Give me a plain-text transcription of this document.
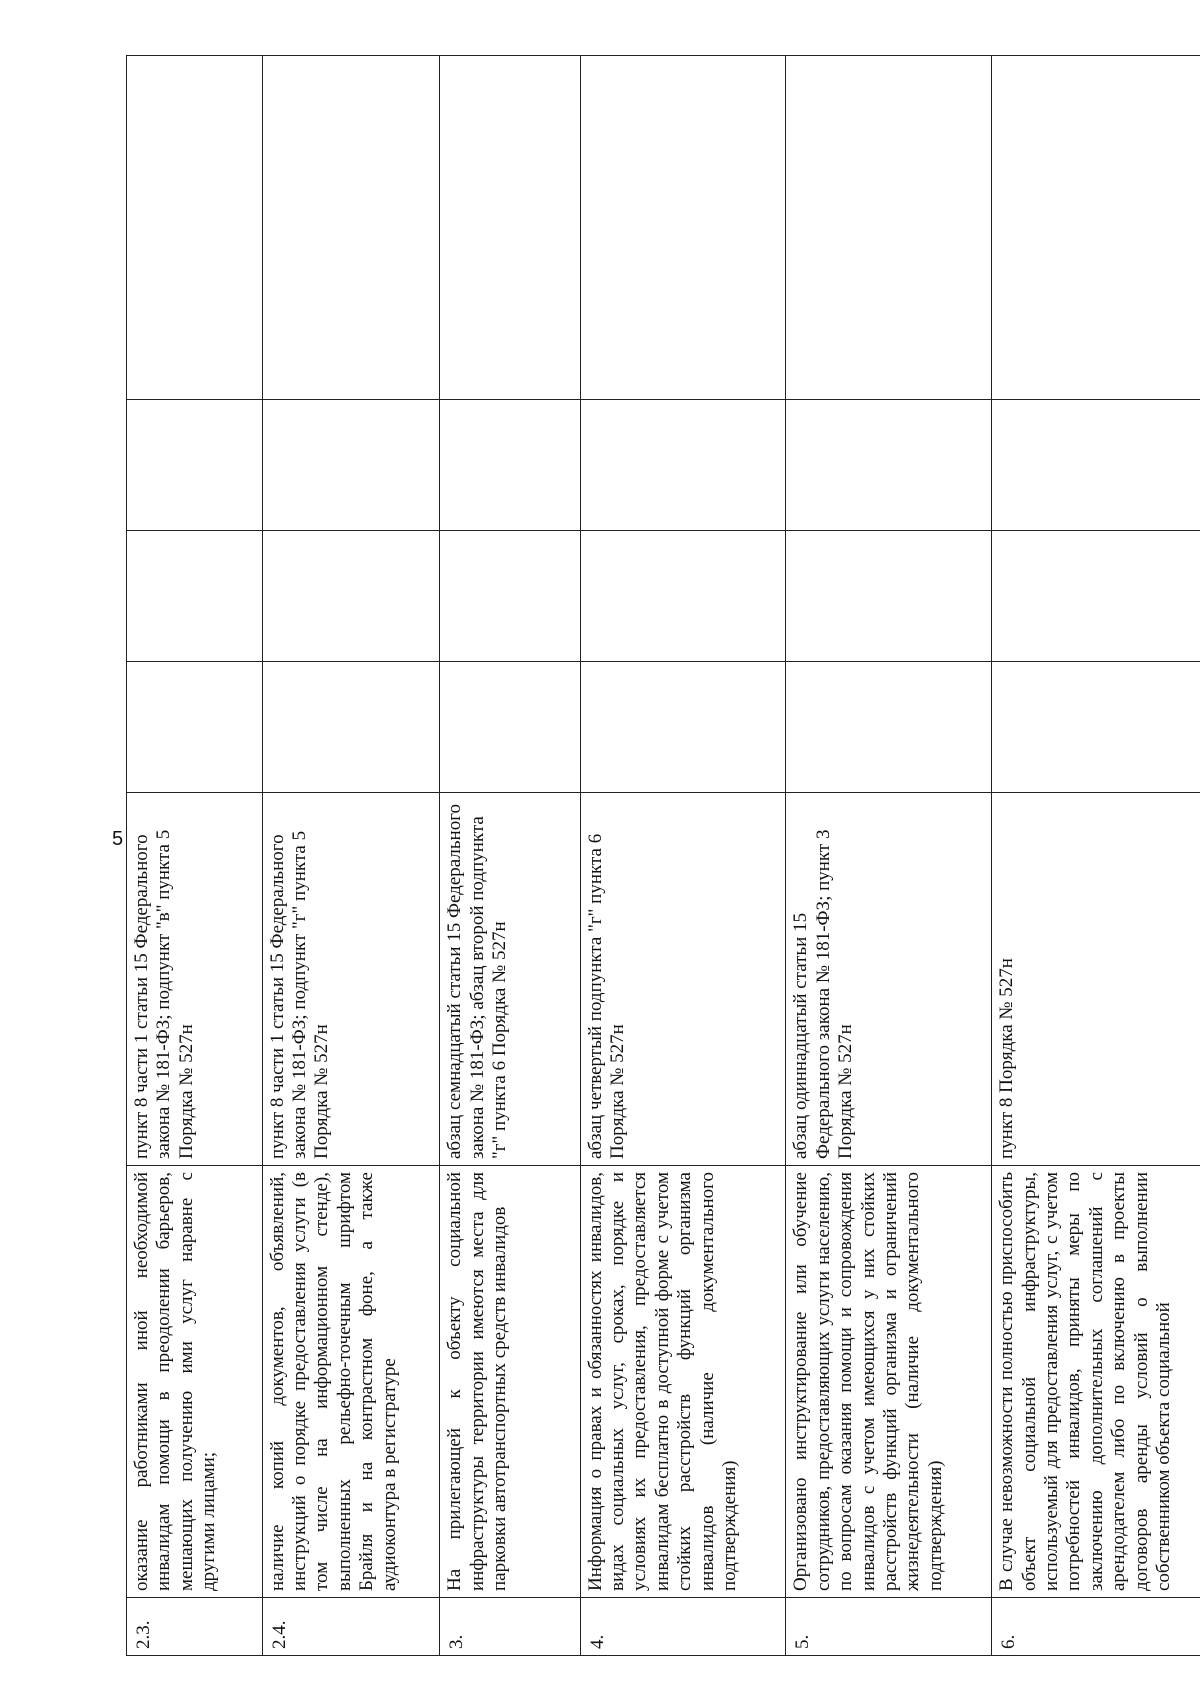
5
2.3.	оказание работниками иной необходимой инвалидам помощи в преодолении барьеров, мешающих получению ими услуг наравне с другими лицами;	пункт 8 части 1 статьи 15 Федерального закона № 181-ФЗ; подпункт "в" пункта 5 Порядка № 527н				
2.4.	наличие копий документов, объявлений, инструкций о порядке предоставления услуги (в том числе на информационном стенде), выполненных рельефно-точечным шрифтом Брайля и на контрастном фоне, а также аудиоконтура в регистратуре	пункт 8 части 1 статьи 15 Федерального закона № 181-ФЗ; подпункт "г" пункта 5 Порядка № 527н				
3.	На прилегающей к объекту социальной инфраструктуры территории имеются места для парковки автотранспортных средств инвалидов	абзац семнадцатый статьи 15 Федерального закона № 181-ФЗ; абзац второй подпункта "г" пункта 6 Порядка № 527н				
4.	Информация о правах и обязанностях инвалидов, видах социальных услуг, сроках, порядке и условиях их предоставления, предоставляется инвалидам бесплатно в доступной форме с учетом стойких расстройств функций организма инвалидов (наличие документального подтверждения)	абзац четвертый подпункта "г" пункта 6 Порядка № 527н				
5.	Организовано инструктирование или обучение сотрудников, предоставляющих услуги населению, по вопросам оказания помощи и сопровождения инвалидов с учетом имеющихся у них стойких расстройств функций организма и ограничений жизнедеятельности (наличие документального подтверждения)	абзац одиннадцатый статьи 15 Федерального закона № 181-ФЗ; пункт 3 Порядка № 527н				
6.	В случае невозможности полностью приспособить объект социальной инфраструктуры, используемый для предоставления услуг, с учетом потребностей инвалидов, приняты меры по заключению дополнительных соглашений с арендодателем либо по включению в проекты договоров аренды условий о выполнении собственником объекта социальной	пункт 8 Порядка № 527н				
